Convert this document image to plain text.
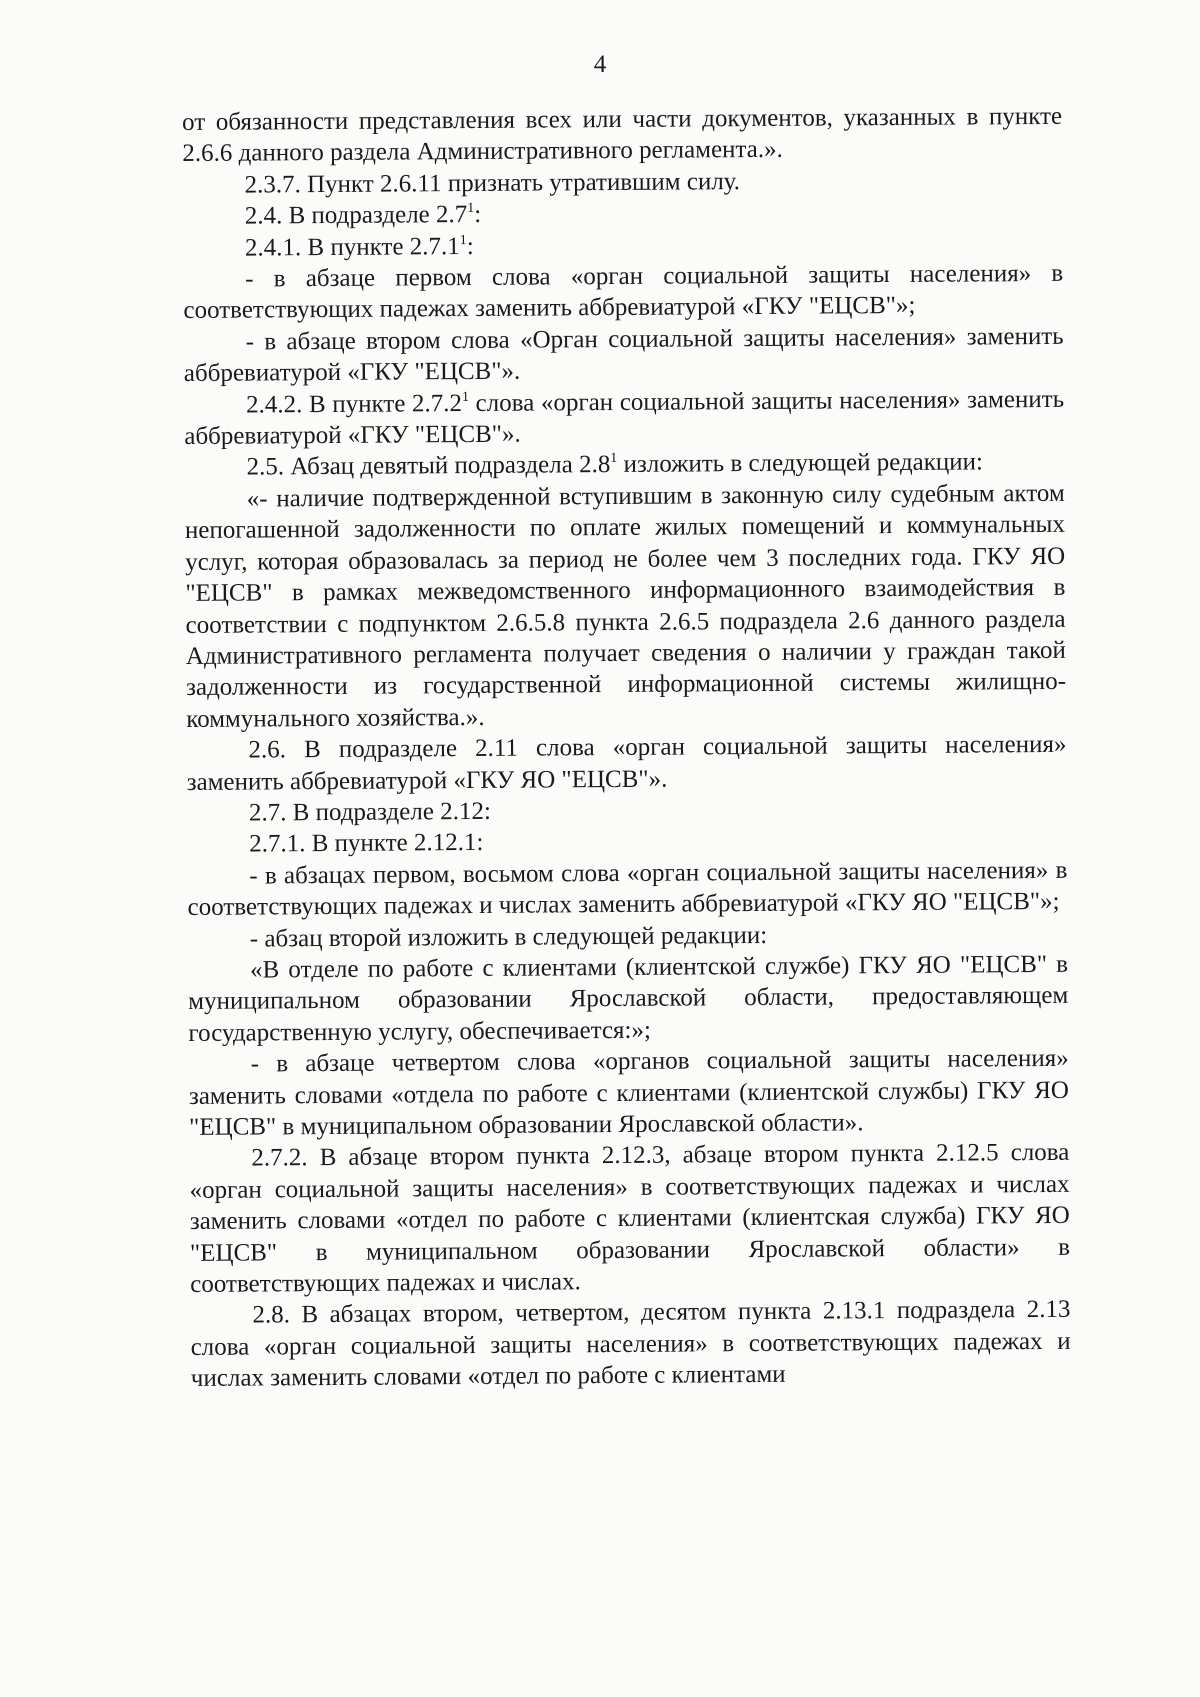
4

от обязанности представления всех или части документов, указанных в пункте 2.6.6 данного раздела Административного регламента.».

2.3.7. Пункт 2.6.11 признать утратившим силу.

2.4. В подразделе $2.7^1$:

2.4.1. В пункте 2.7.1$^1$:

- в абзаце первом слова «орган социальной защиты населения» в соответствующих падежах заменить аббревиатурой «ГКУ "ЕЦСВ"»;

- в абзаце втором слова «Орган социальной защиты населения» заменить аббревиатурой «ГКУ "ЕЦСВ"».

2.4.2. В пункте 2.7.2$^1$ слова «орган социальной защиты населения» заменить аббревиатурой «ГКУ "ЕЦСВ"».

2.5. Абзац девятый подраздела $2.8^1$ изложить в следующей редакции:

«- наличие подтвержденной вступившим в законную силу судебным актом непогашенной задолженности по оплате жилых помещений и коммунальных услуг, которая образовалась за период не более чем 3 последних года. ГКУ ЯО "ЕЦСВ" в рамках межведомственного информационного взаимодействия в соответствии с подпунктом 2.6.5.8 пункта 2.6.5 подраздела 2.6 данного раздела Административного регламента получает сведения о наличии у граждан такой задолженности из государственной информационной системы жилищно-коммунального хозяйства.».

2.6. В подразделе 2.11 слова «орган социальной защиты населения» заменить аббревиатурой «ГКУ ЯО "ЕЦСВ"».

2.7. В подразделе 2.12:

2.7.1. В пункте 2.12.1:

- в абзацах первом, восьмом слова «орган социальной защиты населения» в соответствующих падежах и числах заменить аббревиатурой «ГКУ ЯО "ЕЦСВ"»;

- абзац второй изложить в следующей редакции:

«В отделе по работе с клиентами (клиентской службе) ГКУ ЯО "ЕЦСВ" в муниципальном образовании Ярославской области, предоставляющем государственную услугу, обеспечивается:»;

- в абзаце четвертом слова «органов социальной защиты населения» заменить словами «отдела по работе с клиентами (клиентской службы) ГКУ ЯО "ЕЦСВ" в муниципальном образовании Ярославской области».

2.7.2. В абзаце втором пункта 2.12.3, абзаце втором пункта 2.12.5 слова «орган социальной защиты населения» в соответствующих падежах и числах заменить словами «отдел по работе с клиентами (клиентская служба) ГКУ ЯО "ЕЦСВ" в муниципальном образовании Ярославской области» в соответствующих падежах и числах.

2.8. В абзацах втором, четвертом, десятом пункта 2.13.1 подраздела 2.13 слова «орган социальной защиты населения» в соответствующих падежах и числах заменить словами «отдел по работе с клиентами
